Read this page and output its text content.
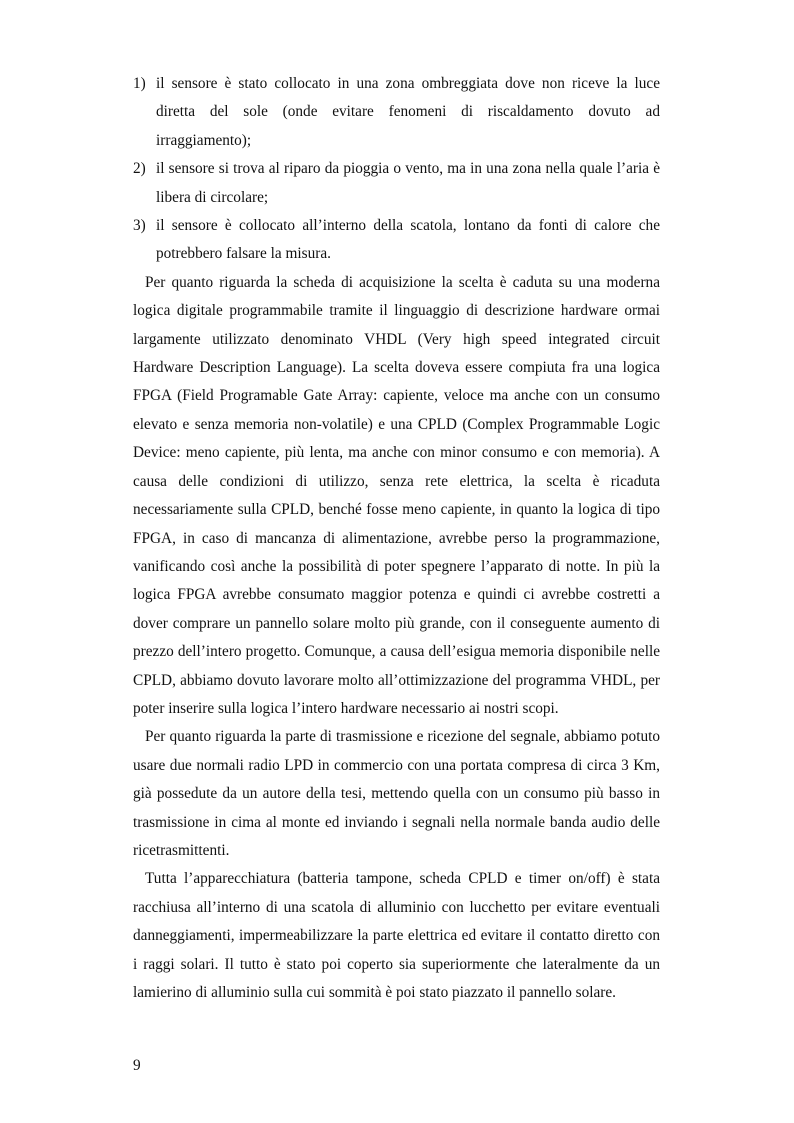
1) il sensore è stato collocato in una zona ombreggiata dove non riceve la luce diretta del sole (onde evitare fenomeni di riscaldamento dovuto ad irraggiamento);
2) il sensore si trova al riparo da pioggia o vento, ma in una zona nella quale l’aria è libera di circolare;
3) il sensore è collocato all’interno della scatola, lontano da fonti di calore che potrebbero falsare la misura.

Per quanto riguarda la scheda di acquisizione la scelta è caduta su una moderna logica digitale programmabile tramite il linguaggio di descrizione hardware ormai largamente utilizzato denominato VHDL (Very high speed integrated circuit Hardware Description Language). La scelta doveva essere compiuta fra una logica FPGA (Field Programable Gate Array: capiente, veloce ma anche con un consumo elevato e senza memoria non-volatile) e una CPLD (Complex Programmable Logic Device: meno capiente, più lenta, ma anche con minor consumo e con memoria). A causa delle condizioni di utilizzo, senza rete elettrica, la scelta è ricaduta necessariamente sulla CPLD, benché fosse meno capiente, in quanto la logica di tipo FPGA, in caso di mancanza di alimentazione, avrebbe perso la programmazione, vanificando così anche la possibilità di poter spegnere l’apparato di notte. In più la logica FPGA avrebbe consumato maggior potenza e quindi ci avrebbe costretti a dover comprare un pannello solare molto più grande, con il conseguente aumento di prezzo dell’intero progetto. Comunque, a causa dell’esigua memoria disponibile nelle CPLD, abbiamo dovuto lavorare molto all’ottimizzazione del programma VHDL, per poter inserire sulla logica l’intero hardware necessario ai nostri scopi.

Per quanto riguarda la parte di trasmissione e ricezione del segnale, abbiamo potuto usare due normali radio LPD in commercio con una portata compresa di circa 3 Km, già possedute da un autore della tesi, mettendo quella con un consumo più basso in trasmissione in cima al monte ed inviando i segnali nella normale banda audio delle ricetrasmittenti.

Tutta l’apparecchiatura (batteria tampone, scheda CPLD e timer on/off) è stata racchiusa all’interno di una scatola di alluminio con lucchetto per evitare eventuali danneggiamenti, impermeabilizzare la parte elettrica ed evitare il contatto diretto con i raggi solari. Il tutto è stato poi coperto sia superiormente che lateralmente da un lamierino di alluminio sulla cui sommità è poi stato piazzato il pannello solare.

9
